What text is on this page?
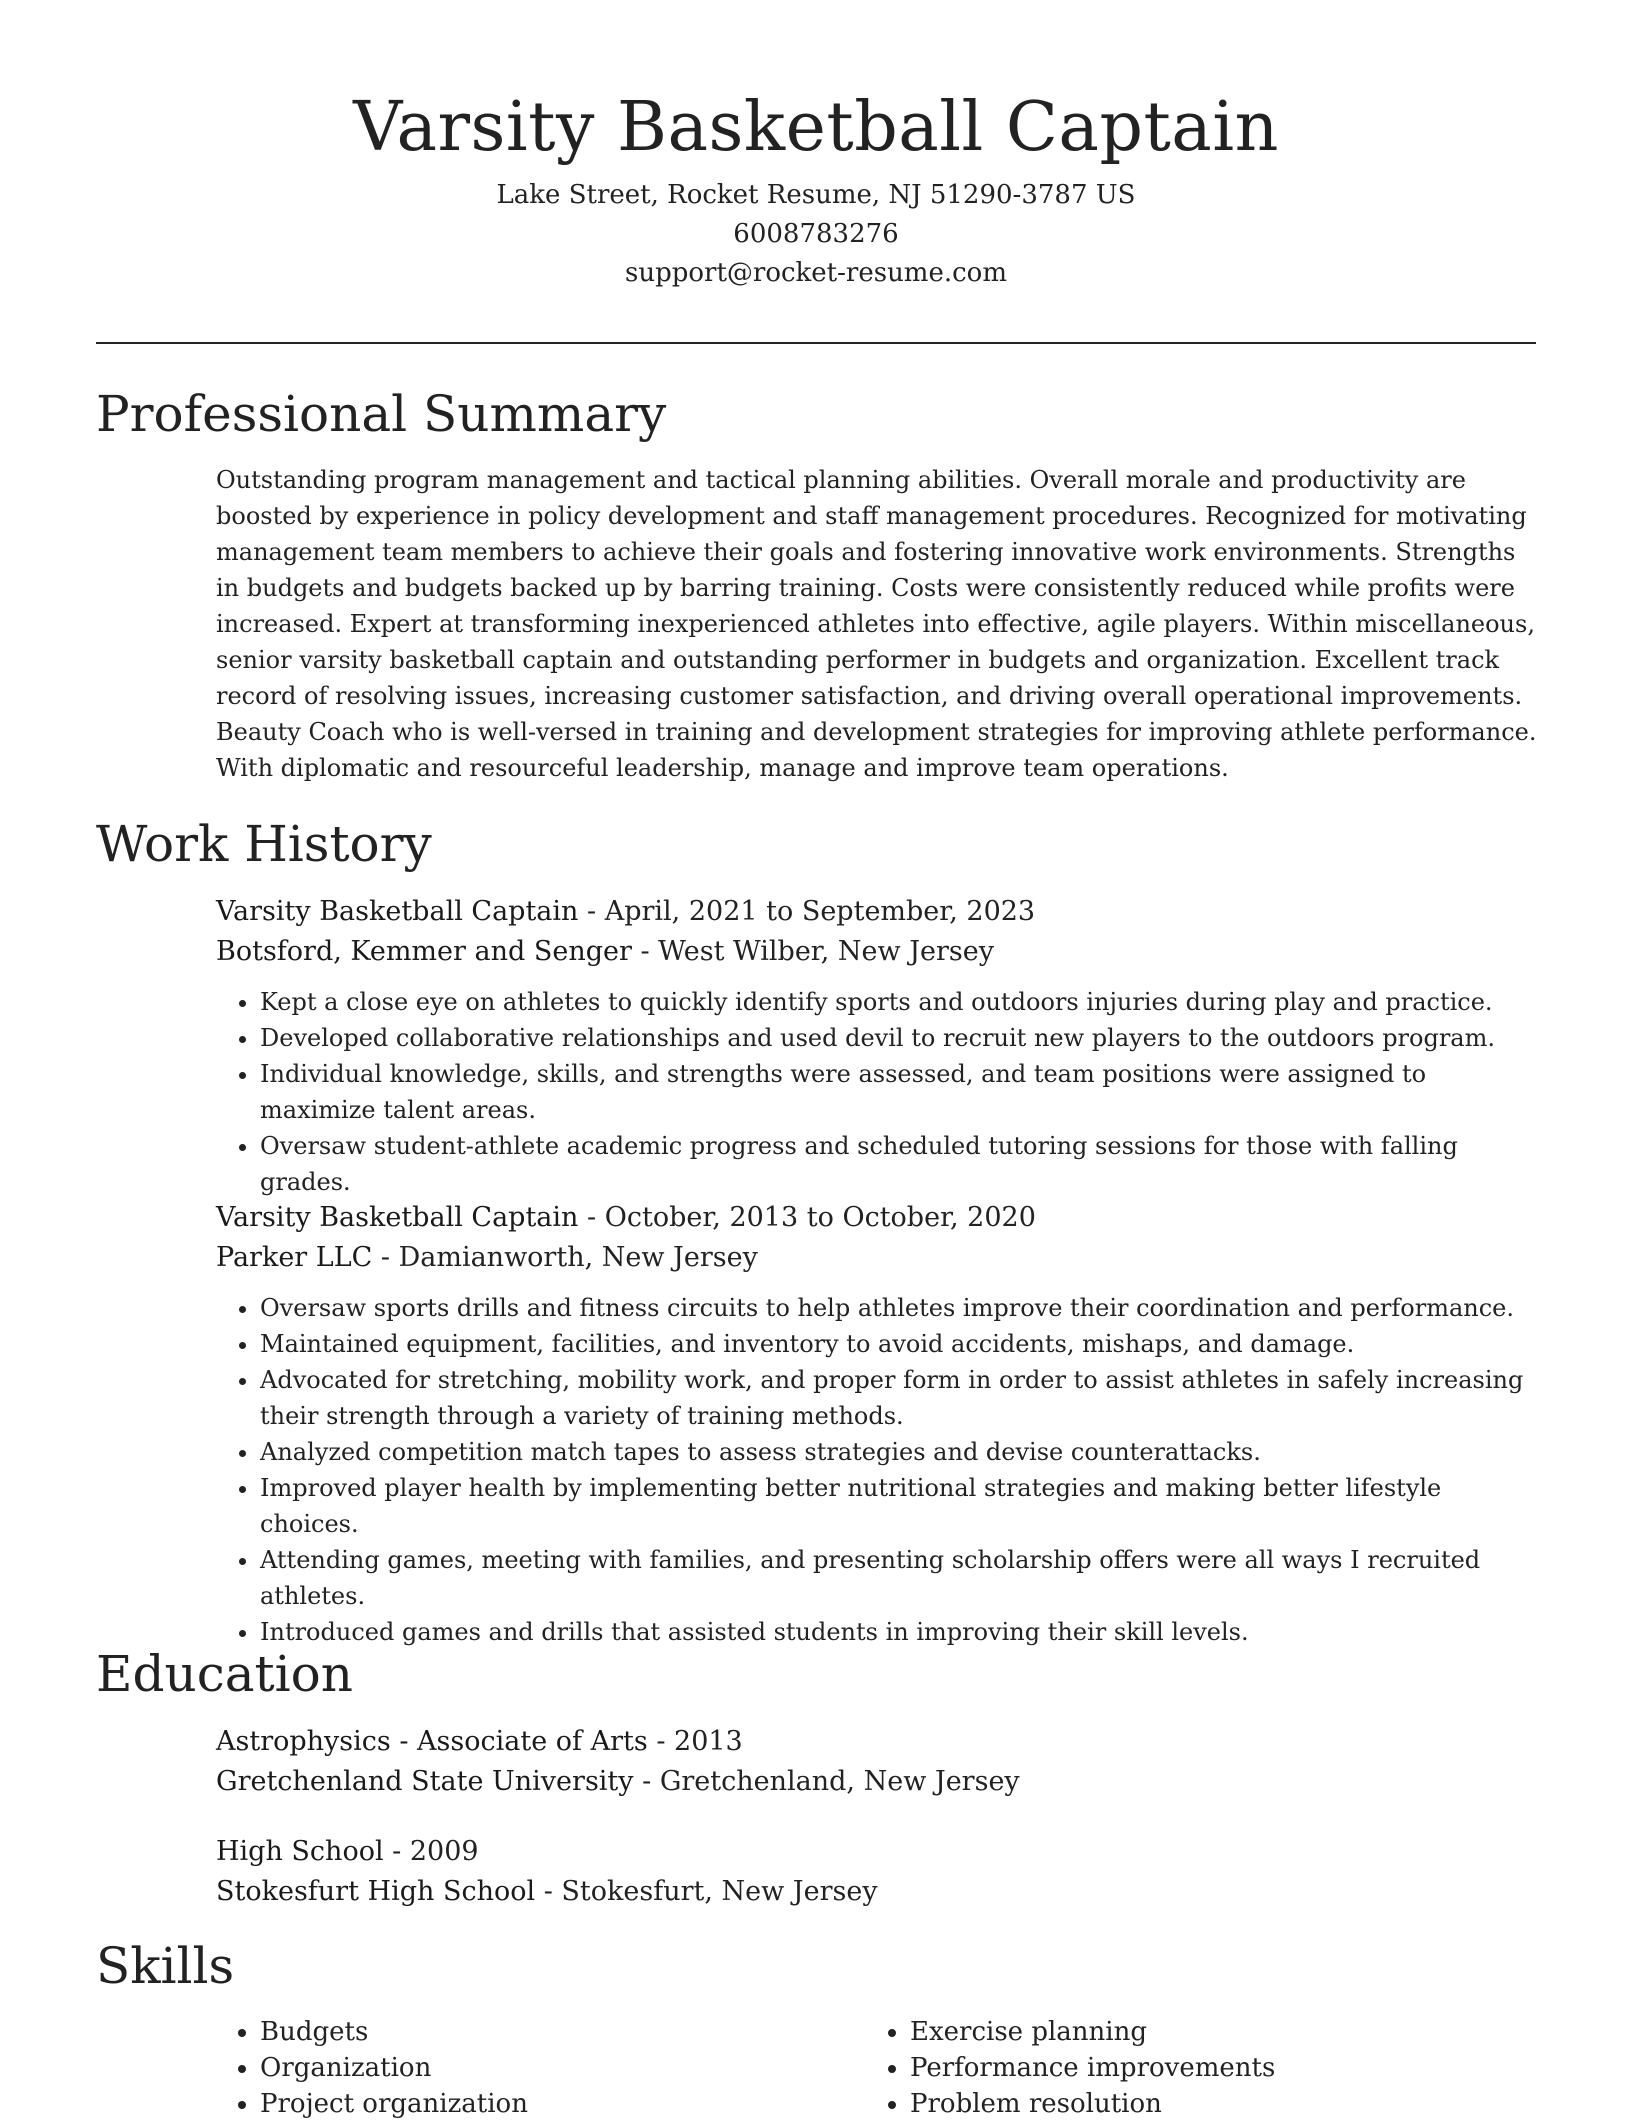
Varsity Basketball Captain
Lake Street, Rocket Resume, NJ 51290-3787 US
6008783276
support@rocket-resume.com
Professional Summary

Outstanding program management and tactical planning abilities. Overall morale and productivity are boosted by experience in policy development and staff management procedures. Recognized for motivating management team members to achieve their goals and fostering innovative work environments. Strengths in budgets and budgets backed up by barring training. Costs were consistently reduced while profits were increased. Expert at transforming inexperienced athletes into effective, agile players. Within miscellaneous, senior varsity basketball captain and outstanding performer in budgets and organization. Excellent track record of resolving issues, increasing customer satisfaction, and driving overall operational improvements. Beauty Coach who is well-versed in training and development strategies for improving athlete performance. With diplomatic and resourceful leadership, manage and improve team operations.

Work History
Varsity Basketball Captain - April, 2021 to September, 2023
Botsford, Kemmer and Senger - West Wilber, New Jersey
• Kept a close eye on athletes to quickly identify sports and outdoors injuries during play and practice.
• Developed collaborative relationships and used devil to recruit new players to the outdoors program.
• Individual knowledge, skills, and strengths were assessed, and team positions were assigned to maximize talent areas.
• Oversaw student-athlete academic progress and scheduled tutoring sessions for those with falling grades.
Varsity Basketball Captain - October, 2013 to October, 2020
Parker LLC - Damianworth, New Jersey
• Oversaw sports drills and fitness circuits to help athletes improve their coordination and performance.
• Maintained equipment, facilities, and inventory to avoid accidents, mishaps, and damage.
• Advocated for stretching, mobility work, and proper form in order to assist athletes in safely increasing their strength through a variety of training methods.
• Analyzed competition match tapes to assess strategies and devise counterattacks.
• Improved player health by implementing better nutritional strategies and making better lifestyle choices.
• Attending games, meeting with families, and presenting scholarship offers were all ways I recruited athletes.
• Introduced games and drills that assisted students in improving their skill levels.
Education
Astrophysics - Associate of Arts - 2013
Gretchenland State University - Gretchenland, New Jersey
High School - 2009
Stokesfurt High School - Stokesfurt, New Jersey
Skills
• Budgets
• Organization
• Project organization
• Exercise planning
• Performance improvements
• Problem resolution
